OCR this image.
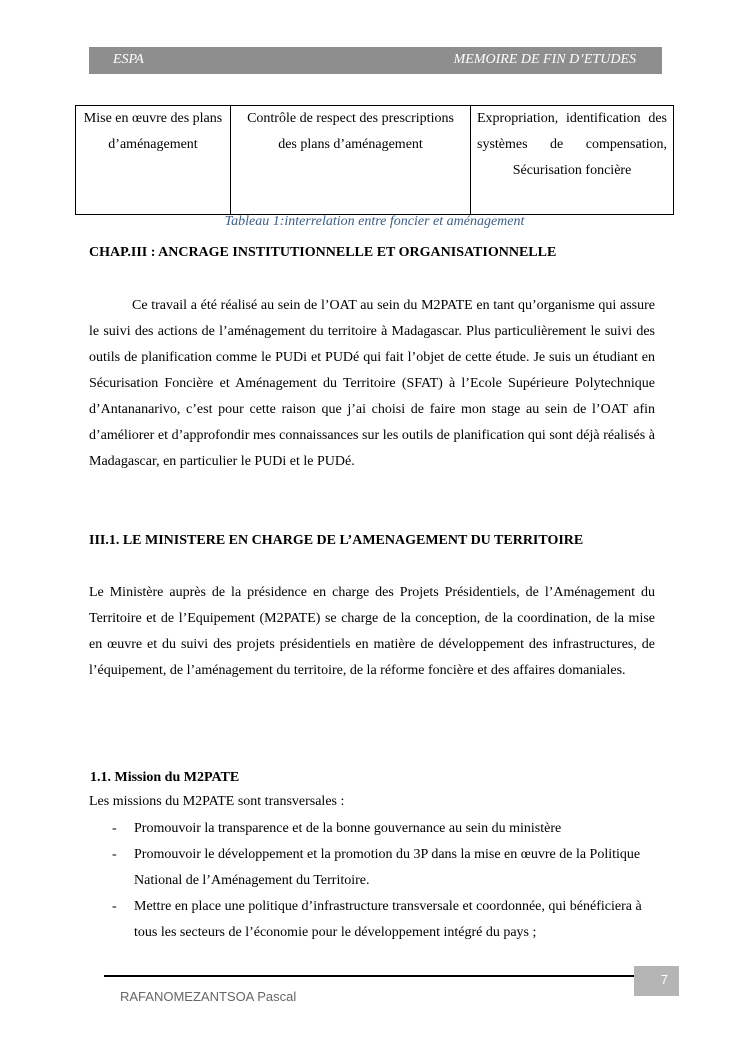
ESPA	MEMOIRE DE FIN D’ETUDES
Mise en œuvre des plans d’aménagement	Contrôle de respect des prescriptions des plans d’aménagement	Expropriation, identification des systèmes de compensation, Sécurisation foncière
Tableau 1:interrelation entre foncier et aménagement
CHAP.III : ANCRAGE INSTITUTIONNELLE ET ORGANISATIONNELLE

Ce travail a été réalisé au sein de l’OAT au sein du M2PATE en tant qu’organisme qui assure le suivi des actions de l’aménagement du territoire à Madagascar. Plus particulièrement le suivi des outils de planification comme le PUDi et PUDé qui fait l’objet de cette étude. Je suis un étudiant en Sécurisation Foncière et Aménagement du Territoire (SFAT) à l’Ecole Supérieure Polytechnique d’Antananarivo, c’est pour cette raison que j’ai choisi de faire mon stage au sein de l’OAT afin d’améliorer et d’approfondir mes connaissances sur les outils de planification qui sont déjà réalisés à Madagascar, en particulier le PUDi et le PUDé.

III.1. LE MINISTERE EN CHARGE DE L’AMENAGEMENT DU TERRITOIRE

Le Ministère auprès de la présidence en charge des Projets Présidentiels, de l’Aménagement du Territoire et de l’Equipement (M2PATE) se charge de la conception, de la coordination, de la mise en œuvre et du suivi des projets présidentiels en matière de développement des infrastructures, de l’équipement, de l’aménagement du territoire, de la réforme foncière et des affaires domaniales.

1.1. Mission du M2PATE
Les missions du M2PATE sont transversales :
- Promouvoir la transparence et de la bonne gouvernance au sein du ministère
- Promouvoir le développement et la promotion du 3P dans la mise en œuvre de la Politique National de l’Aménagement du Territoire.
- Mettre en place une politique d’infrastructure transversale et coordonnée, qui bénéficiera à tous les secteurs de l’économie pour le développement intégré du pays ;
7
RAFANOMEZANTSOA Pascal
